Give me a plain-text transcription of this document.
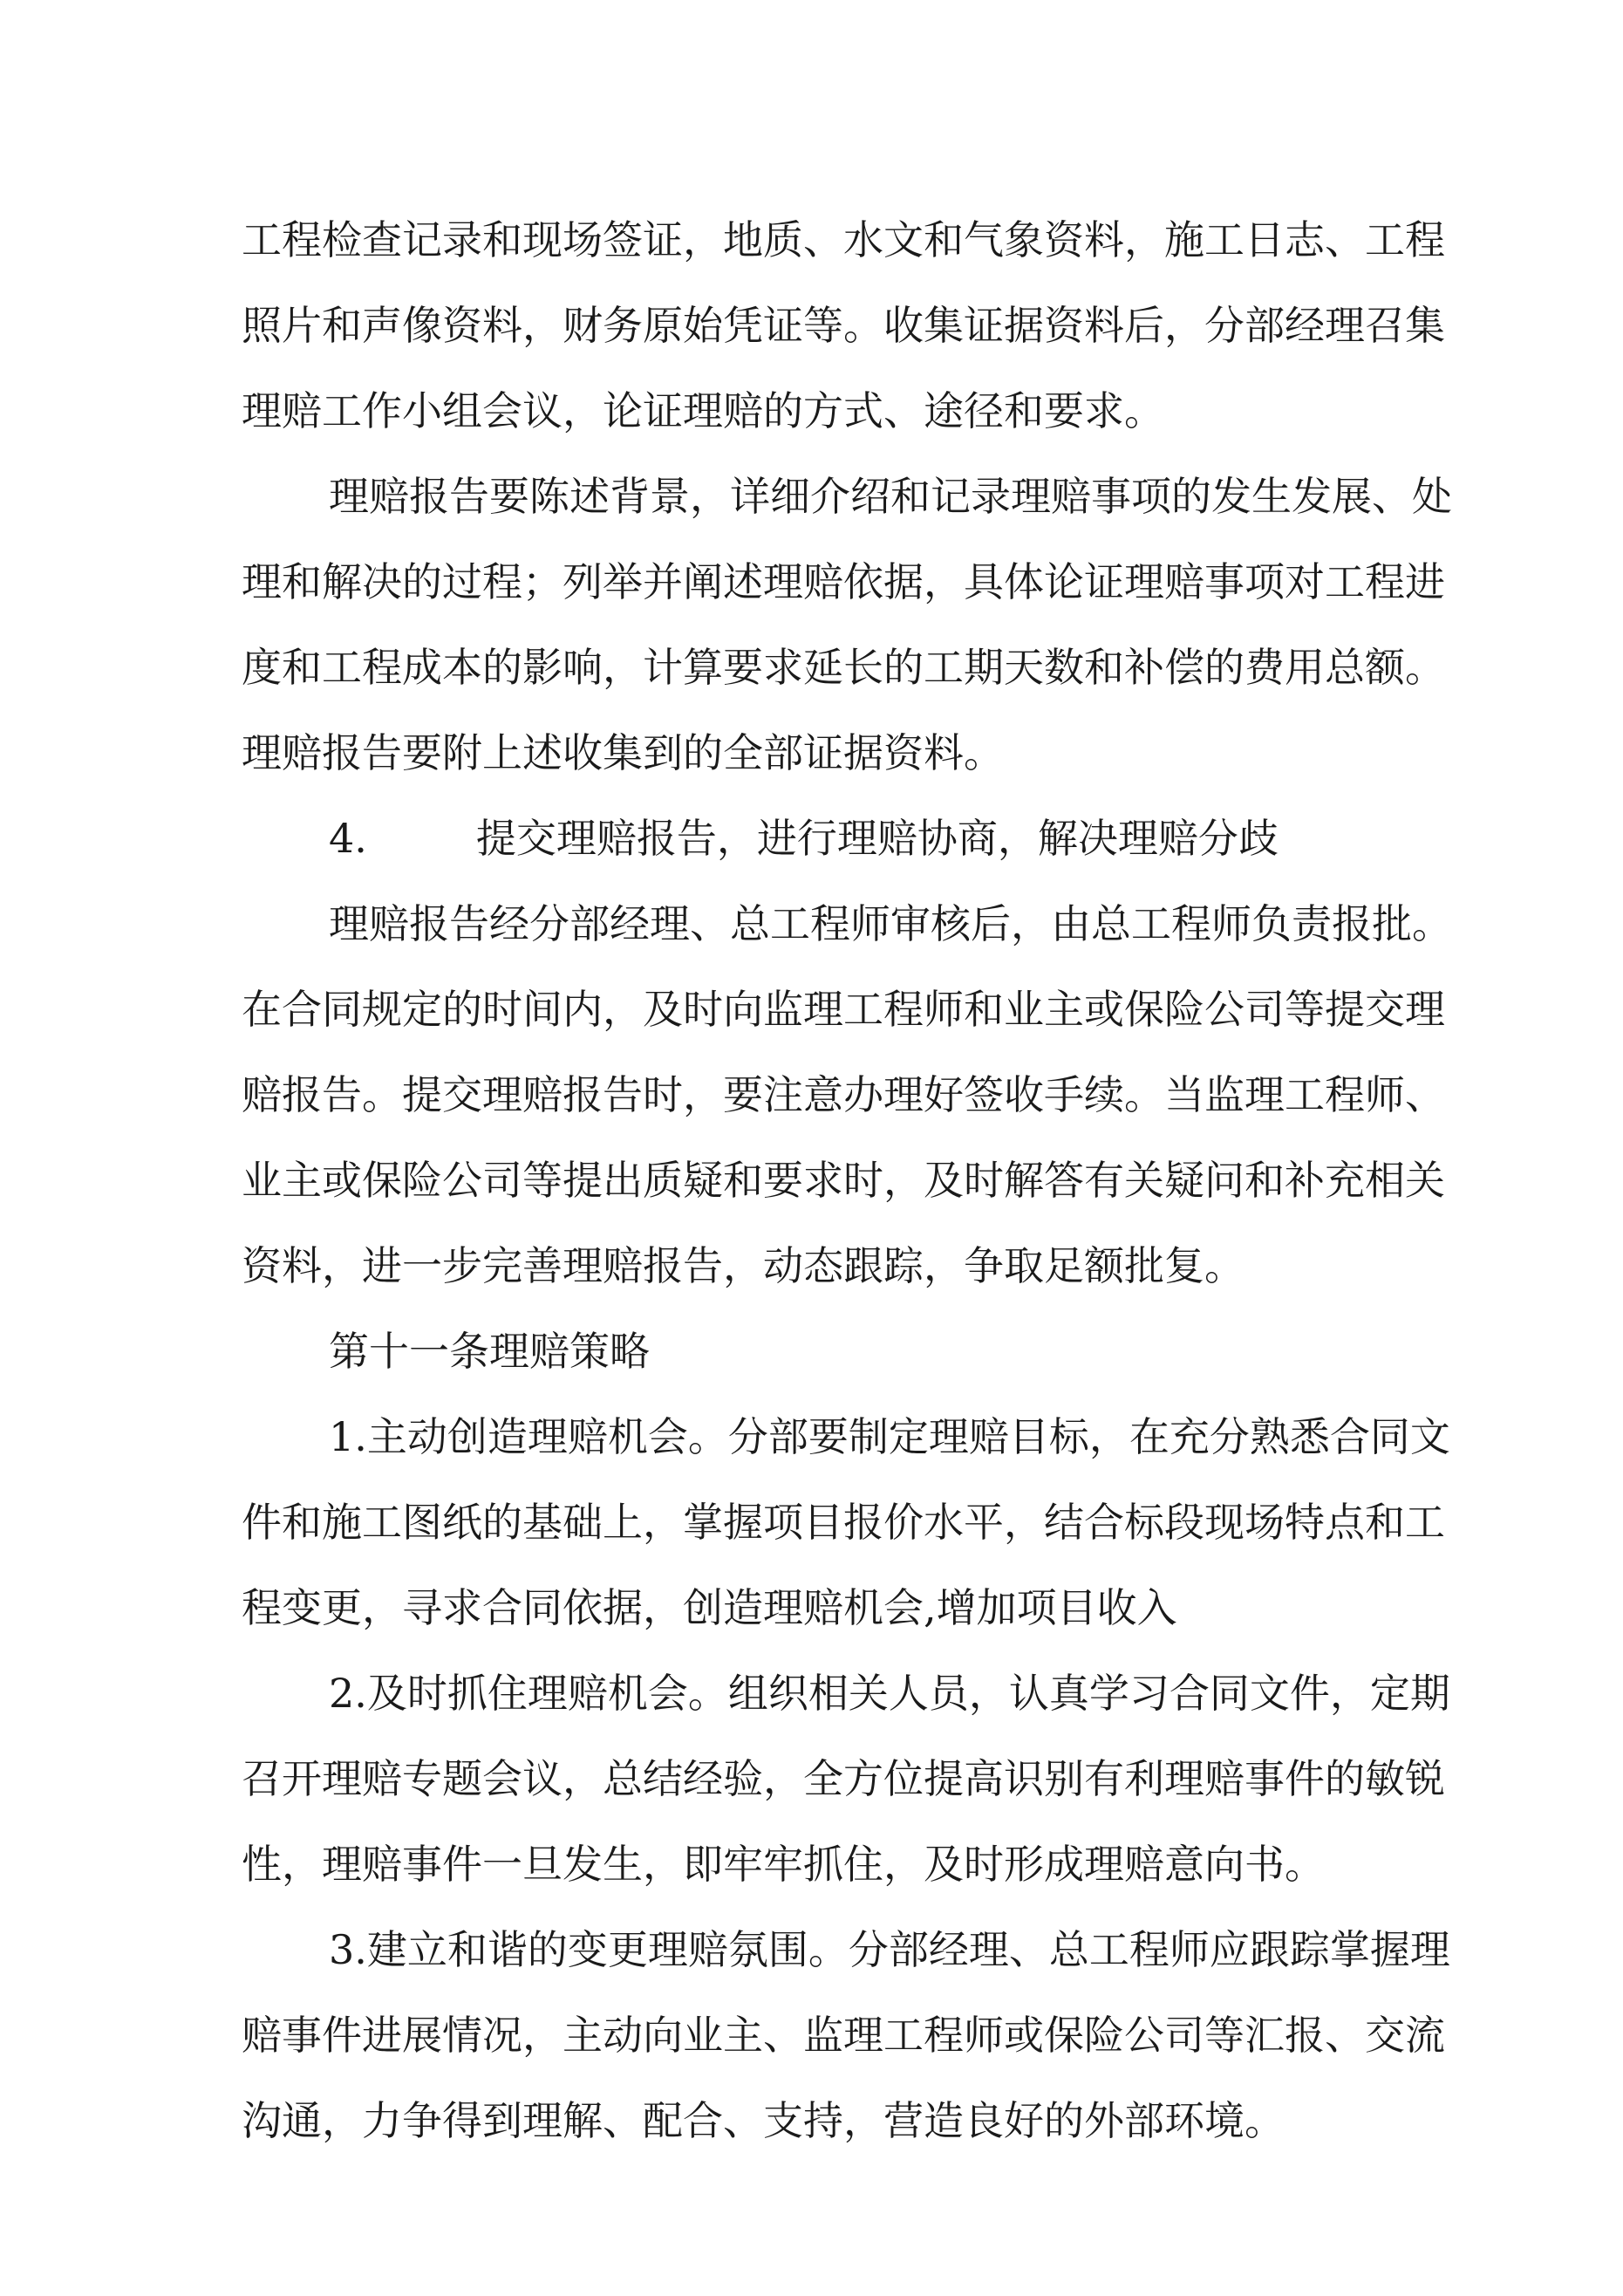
工程检查记录和现场签证，地质、水文和气象资料，施工日志、工程
照片和声像资料，财务原始凭证等。收集证据资料后，分部经理召集
理赔工作小组会议，论证理赔的方式、途径和要求。
理赔报告要陈述背景，详细介绍和记录理赔事项的发生发展、处
理和解决的过程；列举并阐述理赔依据，具体论证理赔事项对工程进
度和工程成本的影响，计算要求延长的工期天数和补偿的费用总额。
理赔报告要附上述收集到的全部证据资料。
4.	提交理赔报告，进行理赔协商，解决理赔分歧
理赔报告经分部经理、总工程师审核后，由总工程师负责报批。
在合同规定的时间内，及时向监理工程师和业主或保险公司等提交理
赔报告。提交理赔报告时，要注意办理好签收手续。当监理工程师、
业主或保险公司等提出质疑和要求时，及时解答有关疑问和补充相关
资料，进一步完善理赔报告，动态跟踪，争取足额批复。
第十一条理赔策略
1.主动创造理赔机会。分部要制定理赔目标，在充分熟悉合同文
件和施工图纸的基础上，掌握项目报价水平，结合标段现场特点和工
程变更，寻求合同依据，创造理赔机会,增加项目收入
2.及时抓住理赔机会。组织相关人员，认真学习合同文件，定期
召开理赔专题会议，总结经验，全方位提高识别有利理赔事件的敏锐
性，理赔事件一旦发生，即牢牢抓住，及时形成理赔意向书。
3.建立和谐的变更理赔氛围。分部经理、总工程师应跟踪掌握理
赔事件进展情况，主动向业主、监理工程师或保险公司等汇报、交流
沟通，力争得到理解、配合、支持，营造良好的外部环境。
